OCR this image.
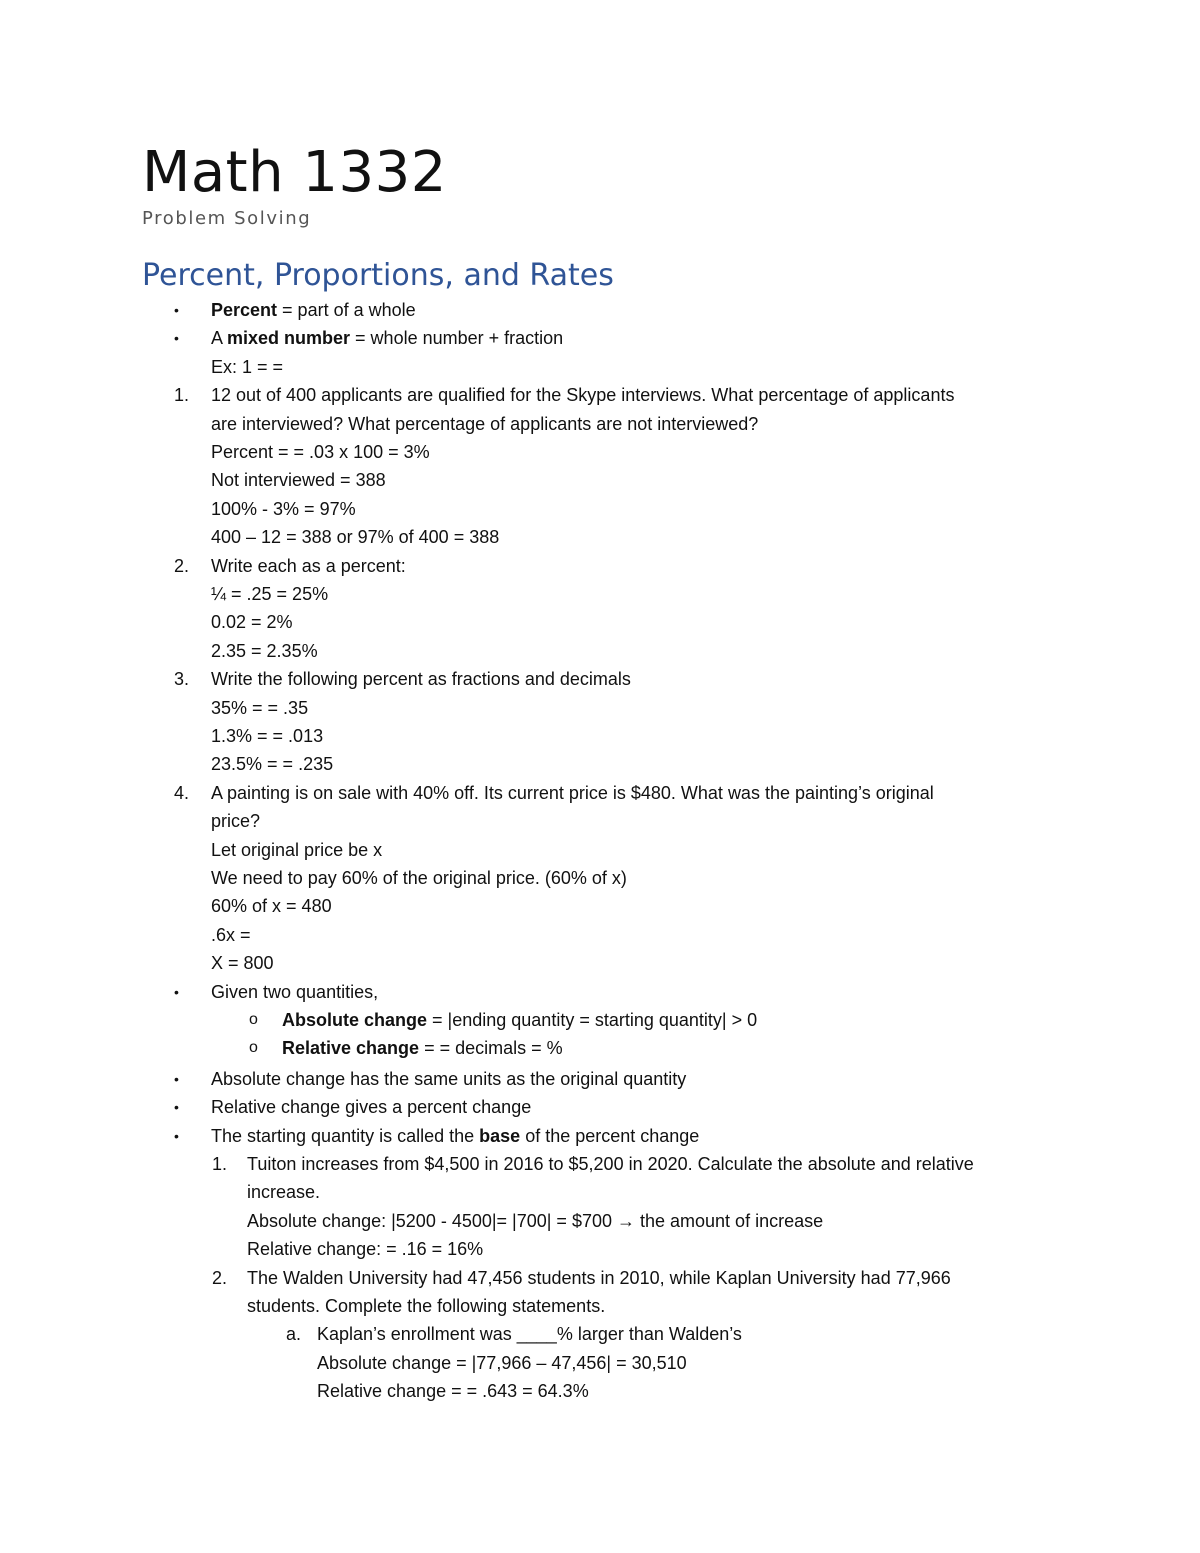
Math 1332
Problem Solving
Percent, Proportions, and Rates
• Percent = part of a whole
• A mixed number = whole number + fraction
Ex: 1 = =
1. 12 out of 400 applicants are qualified for the Skype interviews. What percentage of applicants
are interviewed? What percentage of applicants are not interviewed?
Percent = = .03 x 100 = 3%
Not interviewed = 388
100% - 3% = 97%
400 – 12 = 388 or 97% of 400 = 388
2. Write each as a percent:
¼ = .25 = 25%
0.02 = 2%
2.35 = 2.35%
3. Write the following percent as fractions and decimals
35% = = .35
1.3% = = .013
23.5% = = .235
4. A painting is on sale with 40% off. Its current price is $480. What was the painting’s original
price?
Let original price be x
We need to pay 60% of the original price. (60% of x)
60% of x = 480
.6x =
X = 800
• Given two quantities,
o Absolute change = |ending quantity = starting quantity| > 0
o Relative change = = decimals = %
• Absolute change has the same units as the original quantity
• Relative change gives a percent change
• The starting quantity is called the base of the percent change
1. Tuiton increases from $4,500 in 2016 to $5,200 in 2020. Calculate the absolute and relative
increase.
Absolute change: |5200 - 4500|= |700| = $700 → the amount of increase
Relative change: = .16 = 16%
2. The Walden University had 47,456 students in 2010, while Kaplan University had 77,966
students. Complete the following statements.
a. Kaplan’s enrollment was ____% larger than Walden’s
Absolute change = |77,966 – 47,456| = 30,510
Relative change = = .643 = 64.3%
